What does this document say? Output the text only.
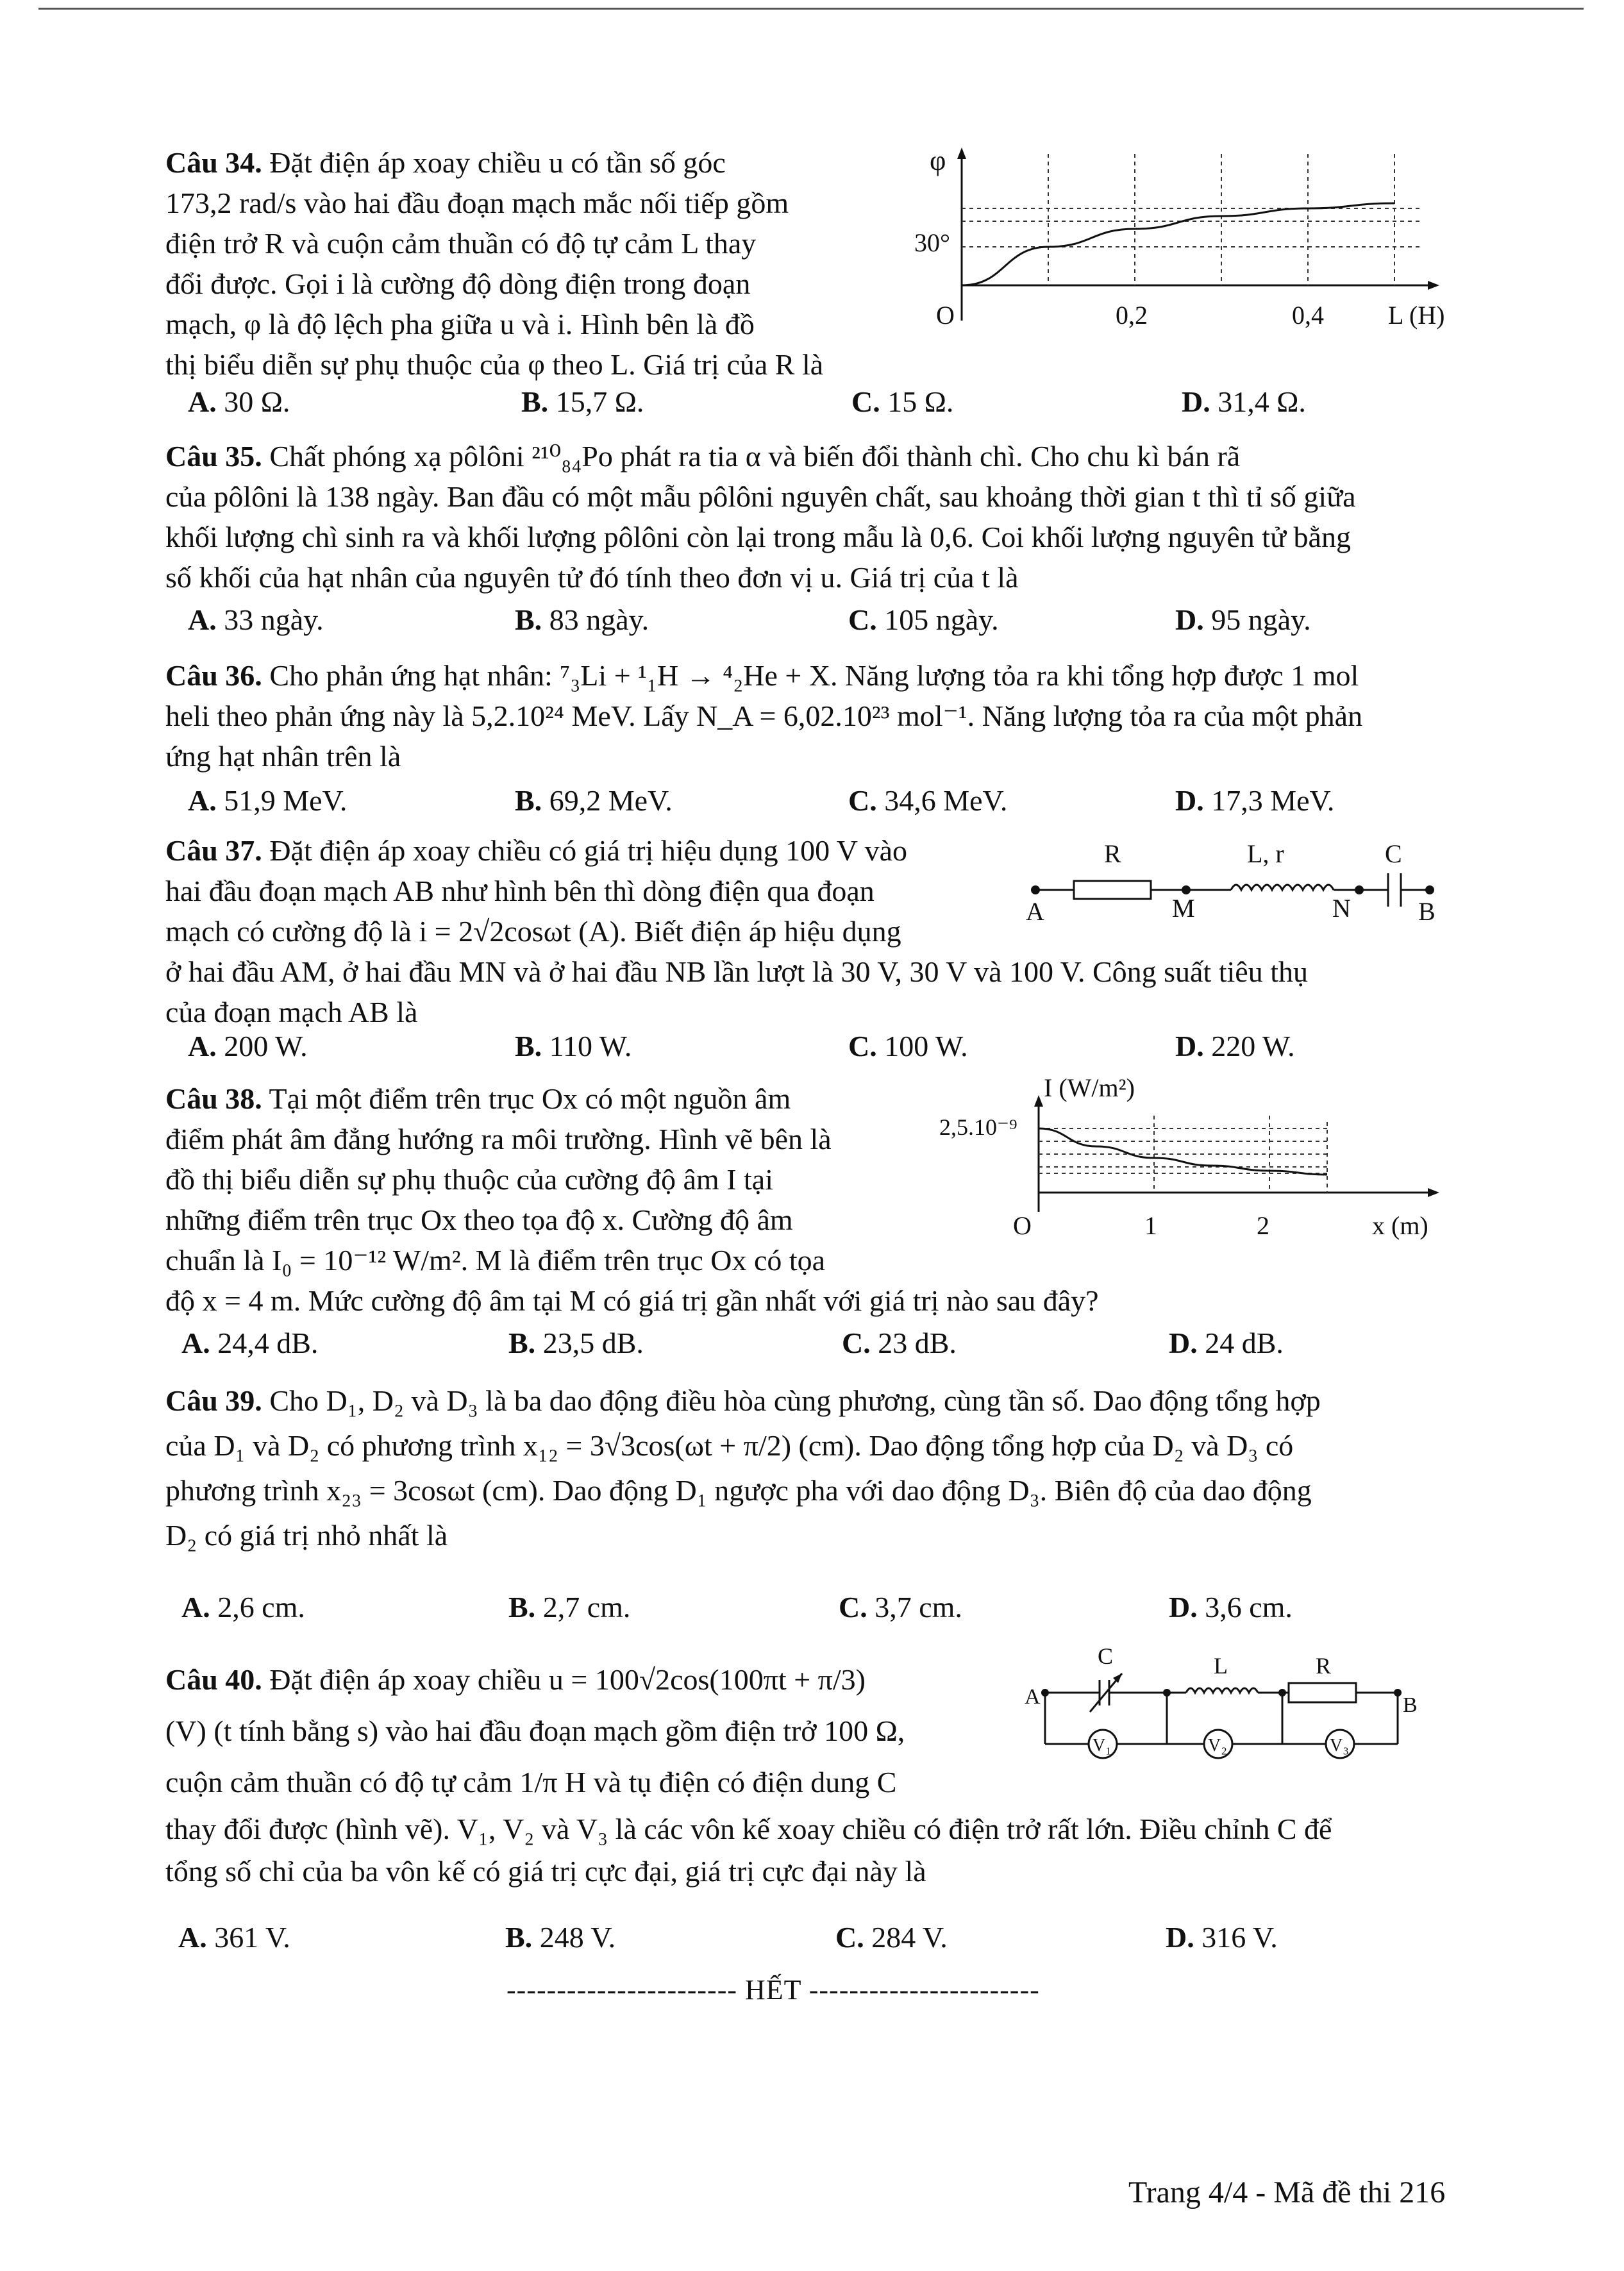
Câu 34. Đặt điện áp xoay chiều u có tần số góc
173,2 rad/s vào hai đầu đoạn mạch mắc nối tiếp gồm
điện trở R và cuộn cảm thuần có độ tự cảm L thay
đổi được. Gọi i là cường độ dòng điện trong đoạn
mạch, φ là độ lệch pha giữa u và i. Hình bên là đồ
thị biểu diễn sự phụ thuộc của φ theo L. Giá trị của R là
φ
30°
O	0,2	0,4	L (H)
A. 30 Ω.	B. 15,7 Ω.	C. 15 Ω.	D. 31,4 Ω.
Câu 35. Chất phóng xạ pôlôni ²¹⁰₈₄Po phát ra tia α và biến đổi thành chì. Cho chu kì bán rã
của pôlôni là 138 ngày. Ban đầu có một mẫu pôlôni nguyên chất, sau khoảng thời gian t thì tỉ số giữa
khối lượng chì sinh ra và khối lượng pôlôni còn lại trong mẫu là 0,6. Coi khối lượng nguyên tử bằng
số khối của hạt nhân của nguyên tử đó tính theo đơn vị u. Giá trị của t là
A. 33 ngày.	B. 83 ngày.	C. 105 ngày.	D. 95 ngày.
Câu 36. Cho phản ứng hạt nhân: ⁷₃Li + ¹₁H → ⁴₂He + X. Năng lượng tỏa ra khi tổng hợp được 1 mol
heli theo phản ứng này là 5,2.10²⁴ MeV. Lấy N_A = 6,02.10²³ mol⁻¹. Năng lượng tỏa ra của một phản
ứng hạt nhân trên là
A. 51,9 MeV.	B. 69,2 MeV.	C. 34,6 MeV.	D. 17,3 MeV.
Câu 37. Đặt điện áp xoay chiều có giá trị hiệu dụng 100 V vào
hai đầu đoạn mạch AB như hình bên thì dòng điện qua đoạn
mạch có cường độ là i = 2√2cosωt (A). Biết điện áp hiệu dụng
ở hai đầu AM, ở hai đầu MN và ở hai đầu NB lần lượt là 30 V, 30 V và 100 V. Công suất tiêu thụ
của đoạn mạch AB là
R	L, r	C
A	M	N	B
A. 200 W.	B. 110 W.	C. 100 W.	D. 220 W.
Câu 38. Tại một điểm trên trục Ox có một nguồn âm
điểm phát âm đẳng hướng ra môi trường. Hình vẽ bên là
đồ thị biểu diễn sự phụ thuộc của cường độ âm I tại
những điểm trên trục Ox theo tọa độ x. Cường độ âm
chuẩn là I₀ = 10⁻¹² W/m². M là điểm trên trục Ox có tọa
độ x = 4 m. Mức cường độ âm tại M có giá trị gần nhất với giá trị nào sau đây?
I (W/m²)
2,5.10⁻⁹
O	1	2	x (m)
A. 24,4 dB.	B. 23,5 dB.	C. 23 dB.	D. 24 dB.
Câu 39. Cho D₁, D₂ và D₃ là ba dao động điều hòa cùng phương, cùng tần số. Dao động tổng hợp
của D₁ và D₂ có phương trình x₁₂ = 3√3cos(ωt + π/2) (cm). Dao động tổng hợp của D₂ và D₃ có
phương trình x₂₃ = 3cosωt (cm). Dao động D₁ ngược pha với dao động D₃. Biên độ của dao động
D₂ có giá trị nhỏ nhất là
A. 2,6 cm.	B. 2,7 cm.	C. 3,7 cm.	D. 3,6 cm.
Câu 40. Đặt điện áp xoay chiều u = 100√2cos(100πt + π/3)
(V) (t tính bằng s) vào hai đầu đoạn mạch gồm điện trở 100 Ω,
cuộn cảm thuần có độ tự cảm 1/π H và tụ điện có điện dung C
thay đổi được (hình vẽ). V₁, V₂ và V₃ là các vôn kế xoay chiều có điện trở rất lớn. Điều chỉnh C để
tổng số chỉ của ba vôn kế có giá trị cực đại, giá trị cực đại này là
C	L	R
A	B
V₁	V₂	V₃
A. 361 V.	B. 248 V.	C. 284 V.	D. 316 V.
----------------------- HẾT -----------------------
Trang 4/4 - Mã đề thi 216
